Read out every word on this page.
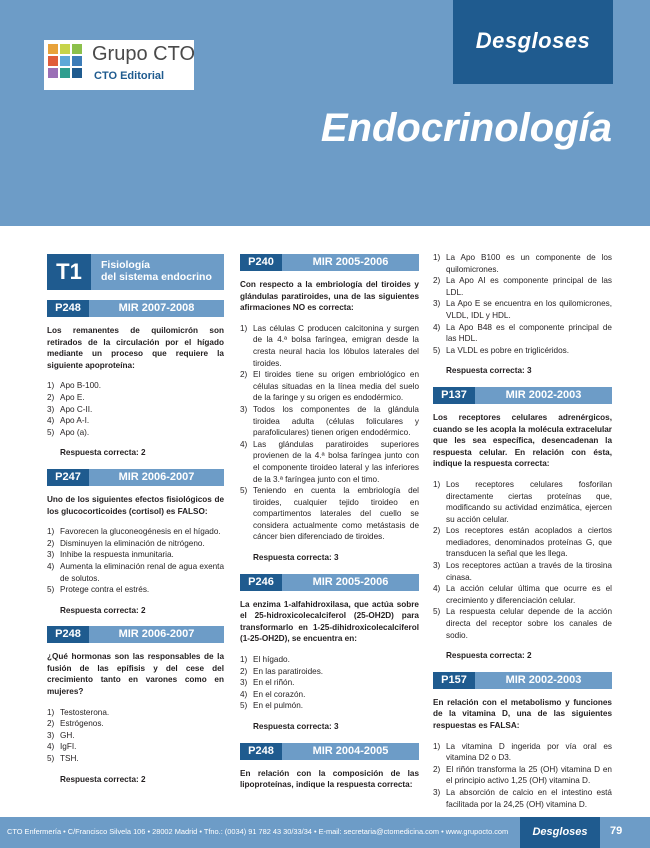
Desgloses
Grupo CTO
CTO Editorial
Endocrinología
T1	Fisiología
del sistema endocrino
P248	MIR 2007-2008
Los remanentes de quilomicrón son retirados de la circulación por el hígado mediante un proceso que requiere la siguiente apoproteína:
1) Apo B-100.
2) Apo E.
3) Apo C-II.
4) Apo A-I.
5) Apo (a).
Respuesta correcta: 2
P247	MIR 2006-2007
Uno de los siguientes efectos fisiológicos de los glucocorticoides (cortisol) es FALSO:
1) Favorecen la gluconeogénesis en el hígado.
2) Disminuyen la eliminación de nitrógeno.
3) Inhibe la respuesta inmunitaria.
4) Aumenta la eliminación renal de agua exenta de solutos.
5) Protege contra el estrés.
Respuesta correcta: 2
P248	MIR 2006-2007
¿Qué hormonas son las responsables de la fusión de las epífisis y del cese del crecimiento tanto en varones como en mujeres?
1) Testosterona.
2) Estrógenos.
3) GH.
4) IgFI.
5) TSH.
Respuesta correcta: 2
P240	MIR 2005-2006
Con respecto a la embriología del tiroides y glándulas paratiroides, una de las siguientes afirmaciones NO es correcta:
1) Las células C producen calcitonina y surgen de la 4.ª bolsa faríngea, emigran desde la cresta neural hacia los lóbulos laterales del tiroides.
2) El tiroides tiene su origen embriológico en células situadas en la línea media del suelo de la faringe y su origen es endodérmico.
3) Todos los componentes de la glándula tiroidea adulta (células foliculares y parafoliculares) tienen origen endodérmico.
4) Las glándulas paratiroides superiores provienen de la 4.ª bolsa faríngea junto con el componente tiroideo lateral y las inferiores de la 3.ª faríngea junto con el timo.
5) Teniendo en cuenta la embriología del tiroides, cualquier tejido tiroideo en compartimentos laterales del cuello se considera actualmente como metástasis de cáncer bien diferenciado de tiroides.
Respuesta correcta: 3
P246	MIR 2005-2006
La enzima 1-alfahidroxilasa, que actúa sobre el 25-hidroxicolecalciferol (25-OH2D) para transformarlo en 1-25-dihidroxicolecalciferol (1-25-OH2D), se encuentra en:
1) El hígado.
2) En las paratiroides.
3) En el riñón.
4) En el corazón.
5) En el pulmón.
Respuesta correcta: 3
P248	MIR 2004-2005
En relación con la composición de las lipoproteínas, indique la respuesta correcta:
1) La Apo B100 es un componente de los quilomicrones.
2) La Apo AI es componente principal de las LDL.
3) La Apo E se encuentra en los quilomicrones, VLDL, IDL y HDL.
4) La Apo B48 es el componente principal de las HDL.
5) La VLDL es pobre en triglicéridos.
Respuesta correcta: 3
P137	MIR 2002-2003
Los receptores celulares adrenérgicos, cuando se les acopla la molécula extracelular que les sea específica, desencadenan la respuesta celular. En relación con ésta, indique la respuesta correcta:
1) Los receptores celulares fosforilan directamente ciertas proteínas que, modificando su actividad enzimática, ejercen su acción celular.
2) Los receptores están acoplados a ciertos mediadores, denominados proteínas G, que transducen la señal que les llega.
3) Los receptores actúan a través de la tirosina cinasa.
4) La acción celular última que ocurre es el crecimiento y diferenciación celular.
5) La respuesta celular depende de la acción directa del receptor sobre los canales de sodio.
Respuesta correcta: 2
P157	MIR 2002-2003
En relación con el metabolismo y funciones de la vitamina D, una de las siguientes respuestas es FALSA:
1) La vitamina D ingerida por vía oral es vitamina D2 o D3.
2) El riñón transforma la 25 (OH) vitamina D en el principio activo 1,25 (OH) vitamina D.
3) La absorción de calcio en el intestino está facilitada por la 24,25 (OH) vitamina D.
CTO Enfermería • C/Francisco Silvela 106 • 28002 Madrid • Tfno.: (0034) 91 782 43 30/33/34 • E-mail: secretaria@ctomedicina.com • www.grupocto.com	Desgloses	79
